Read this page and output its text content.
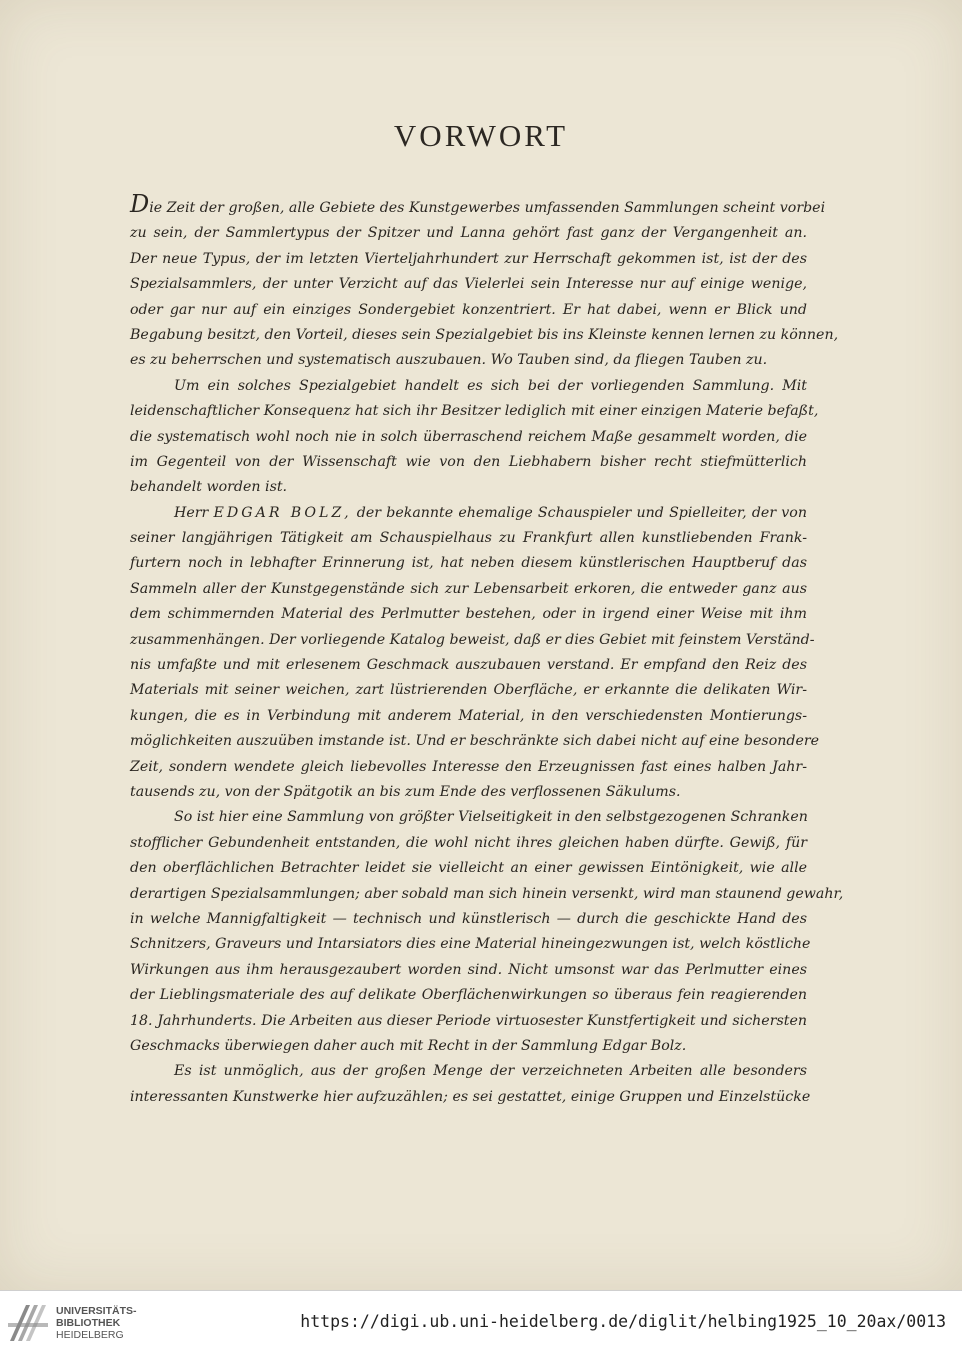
VORWORT
Die Zeit der großen, alle Gebiete des Kunstgewerbes umfassenden Sammlungen scheint vorbei
zu sein, der Sammlertypus der Spitzer und Lanna gehört fast ganz der Vergangenheit an.
Der neue Typus, der im letzten Vierteljahrhundert zur Herrschaft gekommen ist, ist der des
Spezialsammlers, der unter Verzicht auf das Vielerlei sein Interesse nur auf einige wenige,
oder gar nur auf ein einziges Sondergebiet konzentriert. Er hat dabei, wenn er Blick und
Begabung besitzt, den Vorteil, dieses sein Spezialgebiet bis ins Kleinste kennen lernen zu können,
es zu beherrschen und systematisch auszubauen. Wo Tauben sind, da fliegen Tauben zu.
Um ein solches Spezialgebiet handelt es sich bei der vorliegenden Sammlung. Mit
leidenschaftlicher Konsequenz hat sich ihr Besitzer lediglich mit einer einzigen Materie befaßt,
die systematisch wohl noch nie in solch überraschend reichem Maße gesammelt worden, die
im Gegenteil von der Wissenschaft wie von den Liebhabern bisher recht stiefmütterlich
behandelt worden ist.
Herr EDGAR BOLZ, der bekannte ehemalige Schauspieler und Spielleiter, der von
seiner langjährigen Tätigkeit am Schauspielhaus zu Frankfurt allen kunstliebenden Frank-
furtern noch in lebhafter Erinnerung ist, hat neben diesem künstlerischen Hauptberuf das
Sammeln aller der Kunstgegenstände sich zur Lebensarbeit erkoren, die entweder ganz aus
dem schimmernden Material des Perlmutter bestehen, oder in irgend einer Weise mit ihm
zusammenhängen. Der vorliegende Katalog beweist, daß er dies Gebiet mit feinstem Verständ-
nis umfaßte und mit erlesenem Geschmack auszubauen verstand. Er empfand den Reiz des
Materials mit seiner weichen, zart lüstrierenden Oberfläche, er erkannte die delikaten Wir-
kungen, die es in Verbindung mit anderem Material, in den verschiedensten Montierungs-
möglichkeiten auszuüben imstande ist. Und er beschränkte sich dabei nicht auf eine besondere
Zeit, sondern wendete gleich liebevolles Interesse den Erzeugnissen fast eines halben Jahr-
tausends zu, von der Spätgotik an bis zum Ende des verflossenen Säkulums.
So ist hier eine Sammlung von größter Vielseitigkeit in den selbstgezogenen Schranken
stofflicher Gebundenheit entstanden, die wohl nicht ihres gleichen haben dürfte. Gewiß, für
den oberflächlichen Betrachter leidet sie vielleicht an einer gewissen Eintönigkeit, wie alle
derartigen Spezialsammlungen; aber sobald man sich hinein versenkt, wird man staunend gewahr,
in welche Mannigfaltigkeit — technisch und künstlerisch — durch die geschickte Hand des
Schnitzers, Graveurs und Intarsiators dies eine Material hineingezwungen ist, welch köstliche
Wirkungen aus ihm herausgezaubert worden sind. Nicht umsonst war das Perlmutter eines
der Lieblingsmateriale des auf delikate Oberflächenwirkungen so überaus fein reagierenden
18. Jahrhunderts. Die Arbeiten aus dieser Periode virtuosester Kunstfertigkeit und sichersten
Geschmacks überwiegen daher auch mit Recht in der Sammlung Edgar Bolz.
Es ist unmöglich, aus der großen Menge der verzeichneten Arbeiten alle besonders
interessanten Kunstwerke hier aufzuzählen; es sei gestattet, einige Gruppen und Einzelstücke
UNIVERSITÄTS-
BIBLIOTHEK
HEIDELBERG
https://digi.ub.uni-heidelberg.de/diglit/helbing1925_10_20ax/0013
